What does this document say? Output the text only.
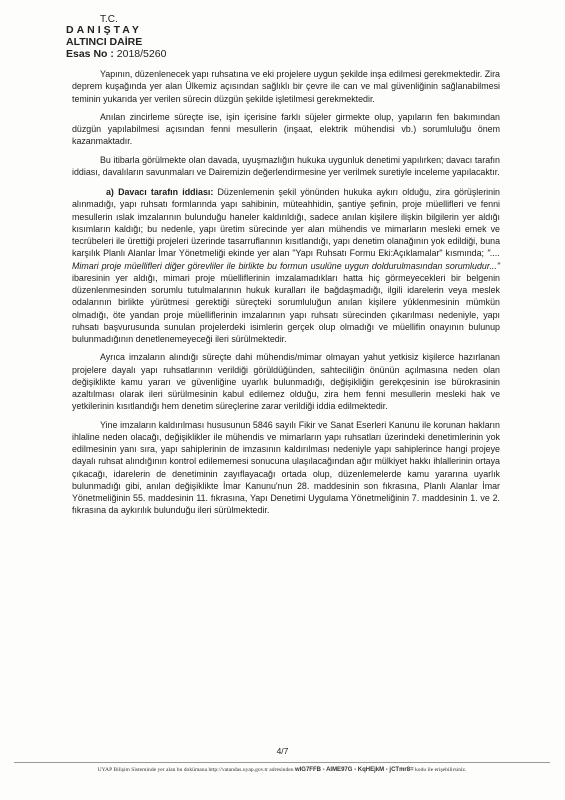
T.C.
DANIŞTAY
ALTINCI DAİRE
Esas No : 2018/5260

Yapının, düzenlenecek yapı ruhsatına ve eki projelere uygun şekilde inşa edilmesi gerekmektedir. Zira deprem kuşağında yer alan Ülkemiz açısından sağlıklı bir çevre ile can ve mal güvenliğinin sağlanabilmesi teminin yukarıda yer verilen sürecin düzgün şekilde işletilmesi gerekmektedir.

Anılan zincirleme süreçte ise, işin içerisine farklı süjeler girmekte olup, yapıların fen bakımından düzgün yapılabilmesi açısından fenni mesullerin (inşaat, elektrik mühendisi vb.) sorumluluğu önem kazanmaktadır.

Bu itibarla görülmekte olan davada, uyuşmazlığın hukuka uygunluk denetimi yapılırken; davacı tarafın iddiası, davalıların savunmaları ve Dairemizin değerlendirmesine yer verilmek suretiyle inceleme yapılacaktır.

a) Davacı tarafın iddiası: Düzenlemenin şekil yönünden hukuka aykırı olduğu, zira görüşlerinin alınmadığı, yapı ruhsatı formlarında yapı sahibinin, müteahhidin, şantiye şefinin, proje müellifleri ve fenni mesullerin ıslak imzalarının bulunduğu haneler kaldırıldığı, sadece anılan kişilere ilişkin bilgilerin yer aldığı kısımların kaldığı; bu nedenle, yapı üretim sürecinde yer alan mühendis ve mimarların mesleki emek ve tecrübeleri ile ürettiği projeleri üzerinde tasarruflarının kısıtlandığı, yapı denetim olanağının yok edildiği, buna karşılık Planlı Alanlar İmar Yönetmeliği ekinde yer alan "Yapı Ruhsatı Formu Eki:Açıklamalar" kısmında; ".... Mimari proje müellifleri diğer görevliler ile birlikte bu formun usulüne uygun doldurulmasından sorumludur..." ibaresinin yer aldığı, mimari proje müelliflerinin imzalamadıkları hatta hiç görmeyecekleri bir belgenin düzenlenmesinden sorumlu tutulmalarının hukuk kuralları ile bağdaşmadığı, ilgili idarelerin veya meslek odalarının birlikte yürütmesi gerektiği süreçteki sorumluluğun anılan kişilere yüklenmesinin mümkün olmadığı, öte yandan proje müelliflerinin imzalarının yapı ruhsatı sürecinden çıkarılması nedeniyle, yapı ruhsatı başvurusunda sunulan projelerdeki isimlerin gerçek olup olmadığı ve müellifin onayının bulunup bulunmadığının denetlenemeyeceği ileri sürülmektedir.

Ayrıca imzaların alındığı süreçte dahi mühendis/mimar olmayan yahut yetkisiz kişilerce hazırlanan projelere dayalı yapı ruhsatlarının verildiği görüldüğünden, sahteciliğin önünün açılmasına neden olan değişiklikte kamu yararı ve güvenliğine uyarlık bulunmadığı, değişikliğin gerekçesinin ise bürokrasinin azaltılması olarak ileri sürülmesinin kabul edilemez olduğu, zira hem fenni mesullerin mesleki hak ve yetkilerinin kısıtlandığı hem denetim süreçlerine zarar verildiği iddia edilmektedir.

Yine imzaların kaldırılması hususunun 5846 sayılı Fikir ve Sanat Eserleri Kanunu ile korunan hakların ihlaline neden olacağı, değişiklikler ile mühendis ve mimarların yapı ruhsatları üzerindeki denetimlerinin yok edilmesinin yanı sıra, yapı sahiplerinin de imzasının kaldırılması nedeniyle yapı sahiplerince hangi projeye dayalı ruhsat alındığının kontrol edilememesi sonucuna ulaşılacağından ağır mülkiyet hakkı ihlallerinin ortaya çıkacağı, idarelerin de denetiminin zayıflayacağı ortada olup, düzenlemelerde kamu yararına uyarlık bulunmadığı gibi, anılan değişiklikte İmar Kanunu'nun 28. maddesinin son fıkrasına, Planlı Alanlar İmar Yönetmeliğinin 55. maddesinin 11. fıkrasına, Yapı Denetimi Uygulama Yönetmeliğinin 7. maddesinin 1. ve 2. fıkrasına da aykırılık bulunduğu ileri sürülmektedir.

4/7
UYAP Bilişim Sisteminde yer alan bu dokümana http://vatandas.uyap.gov.tr adresinden wIG7FFB - AIME97G - KqHEjkM - jCTmr8= kodu ile erişebilirsiniz.
